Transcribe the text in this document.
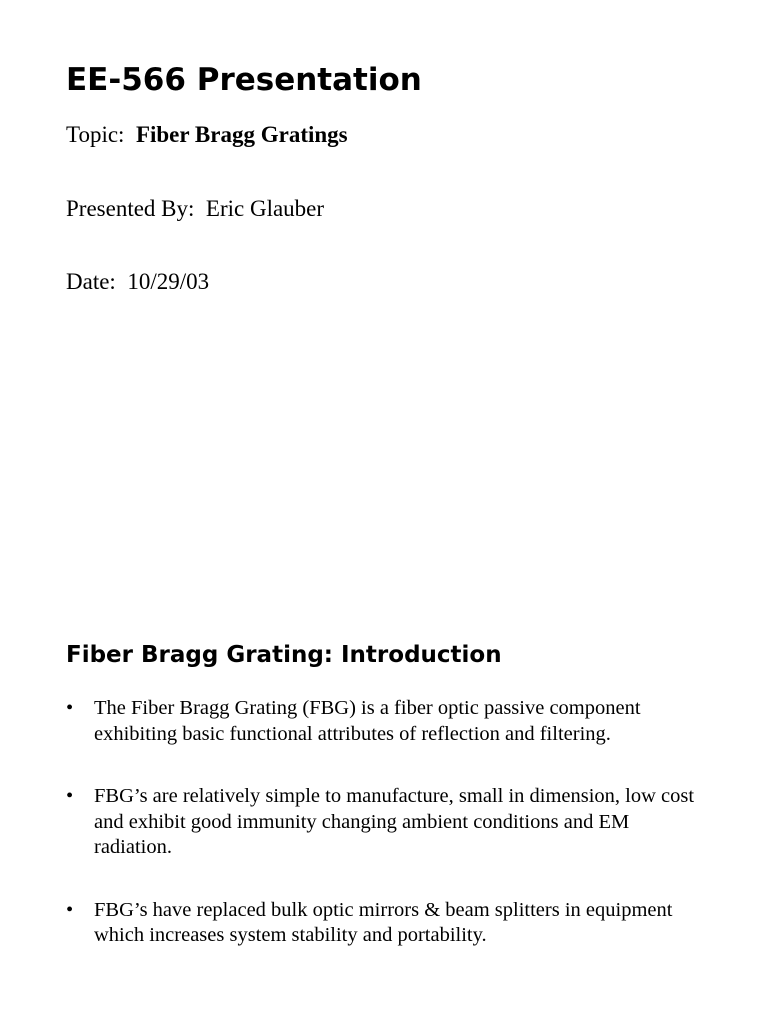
EE-566 Presentation

Topic: Fiber Bragg Gratings

Presented By: Eric Glauber

Date: 10/29/03

Fiber Bragg Grating: Introduction
• The Fiber Bragg Grating (FBG) is a fiber optic passive component exhibiting basic functional attributes of reflection and filtering.
• FBG’s are relatively simple to manufacture, small in dimension, low cost and exhibit good immunity changing ambient conditions and EM radiation.
• FBG’s have replaced bulk optic mirrors & beam splitters in equipment which increases system stability and portability.
